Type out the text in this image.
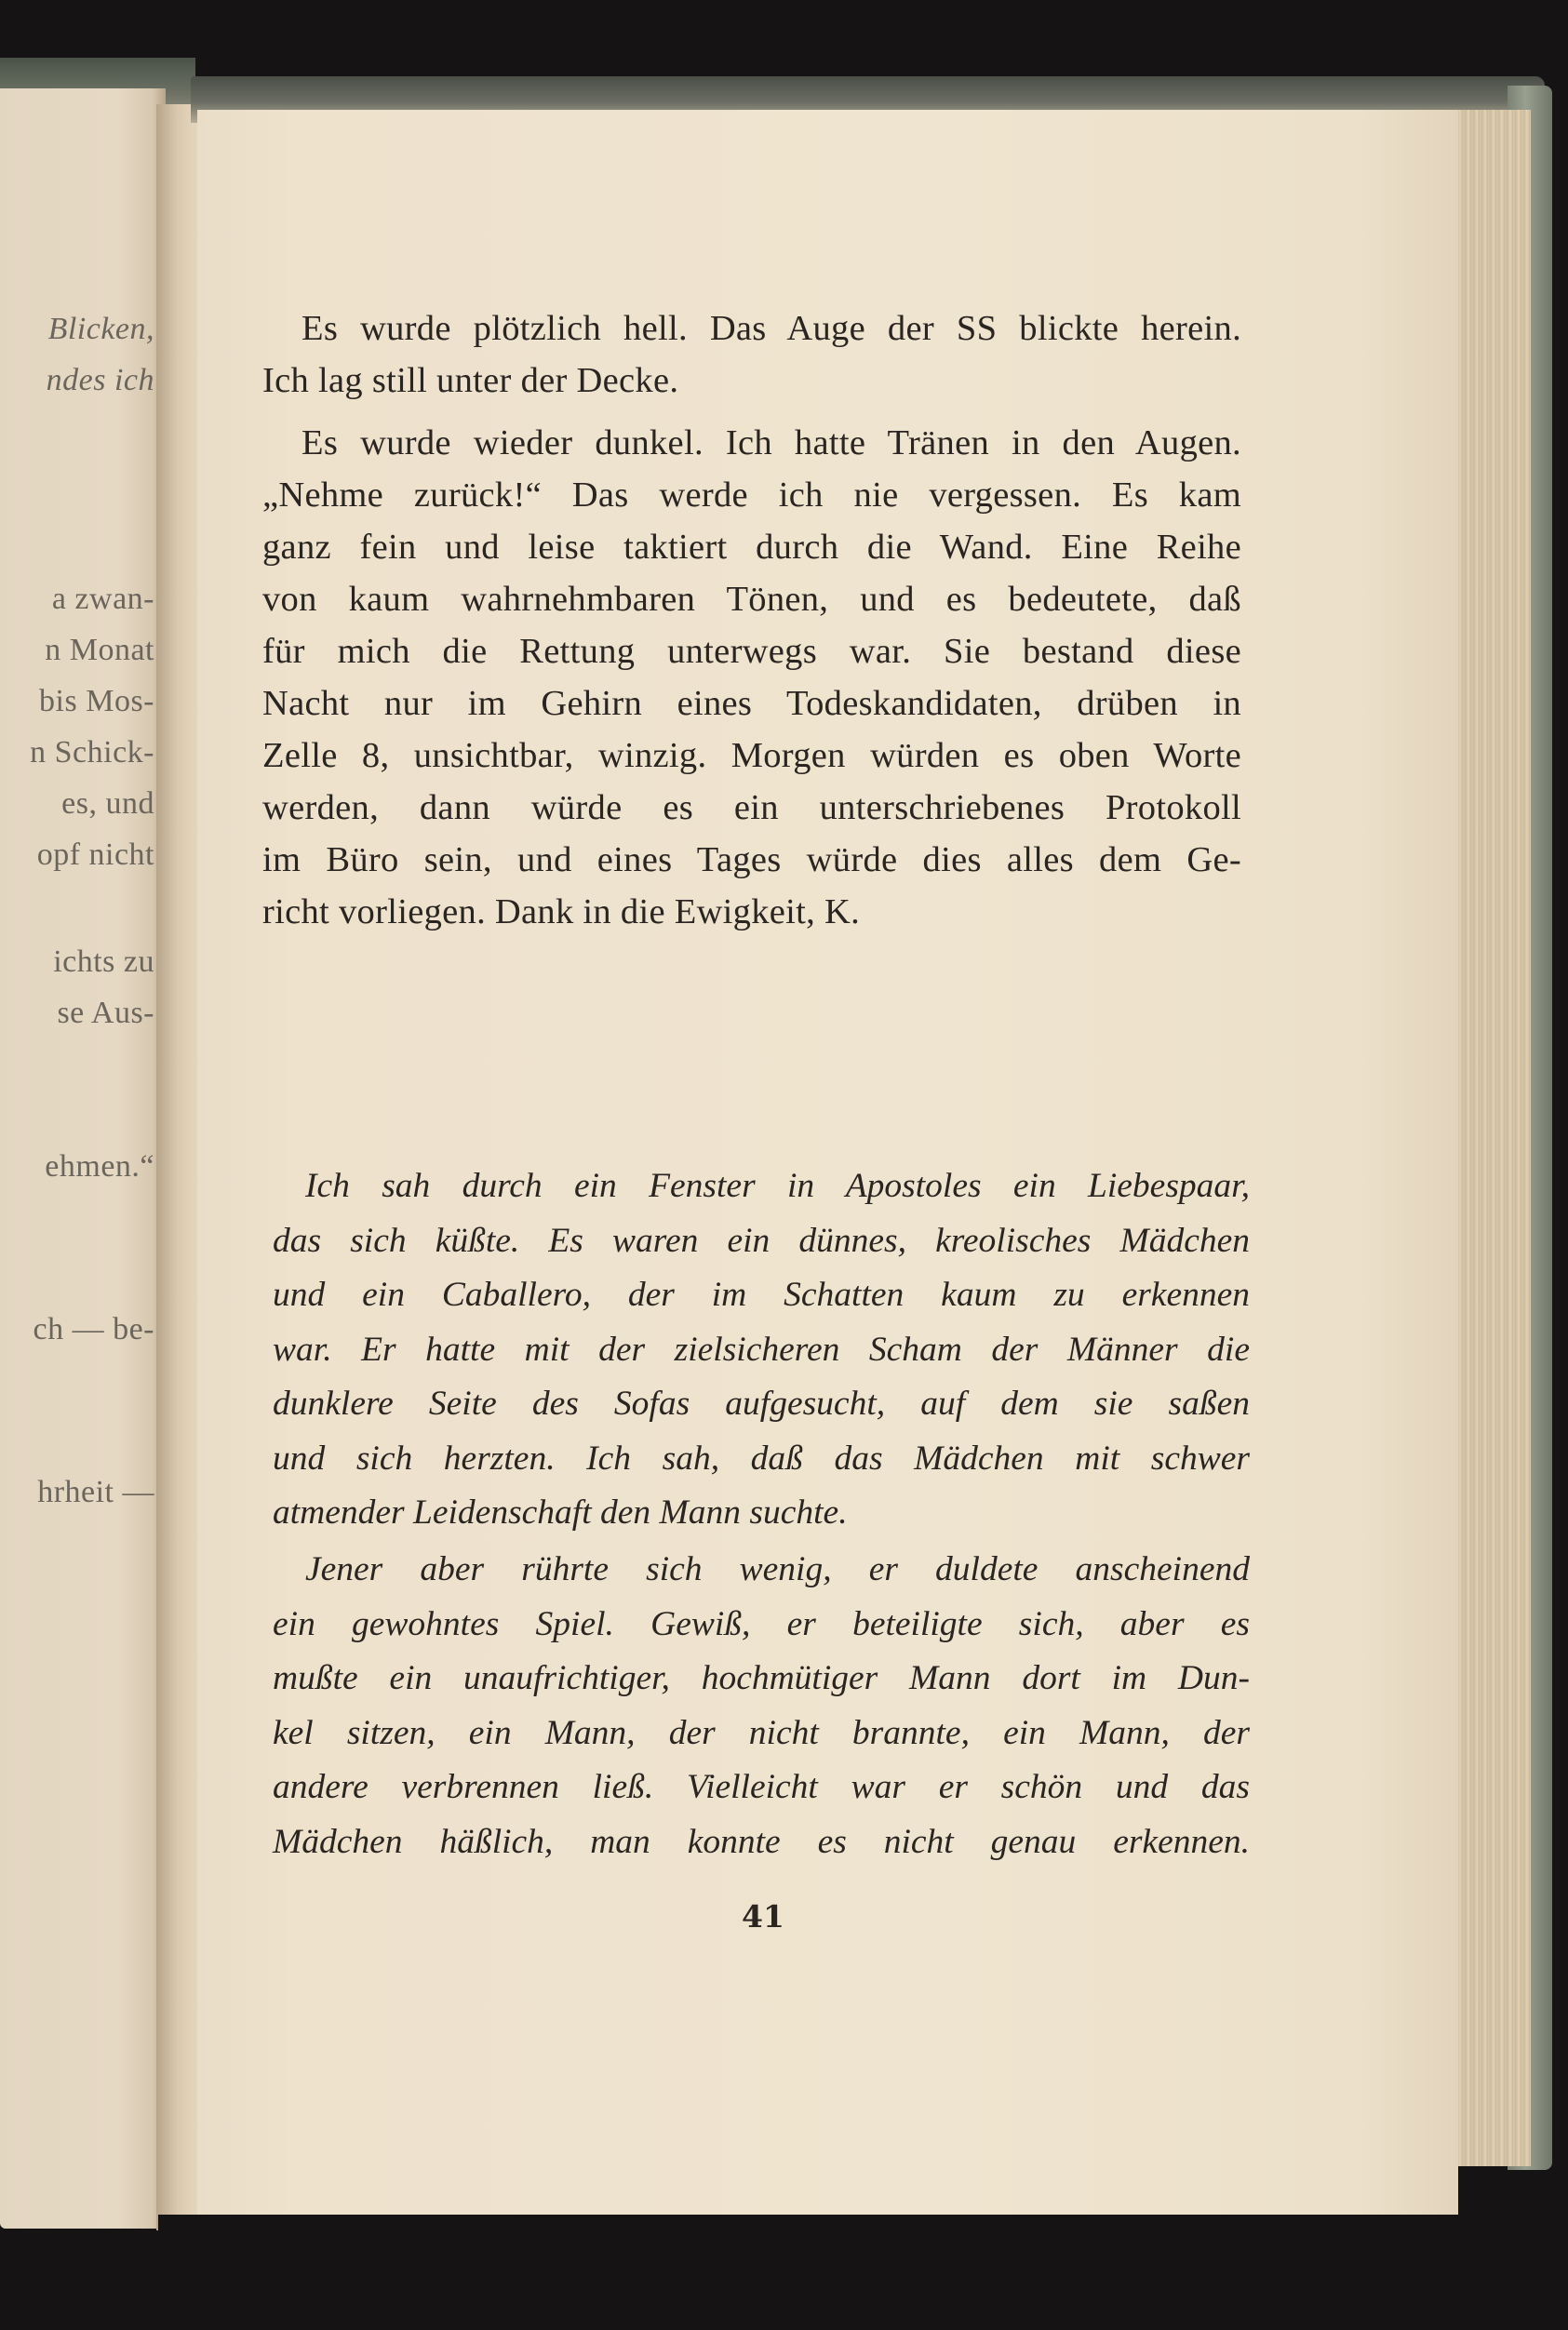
Blicken,

ndes ich

a zwan-

n Monat

bis Mos-

n Schick-

es, und

opf nicht

ichts zu

se Aus-

ehmen.“

ch — be-

hrheit —

Es wurde plötzlich hell. Das Auge der SS blickte herein.
Ich lag still unter der Decke.
Es wurde wieder dunkel. Ich hatte Tränen in den Augen.
„Nehme zurück!“ Das werde ich nie vergessen. Es kam
ganz fein und leise taktiert durch die Wand. Eine Reihe
von kaum wahrnehmbaren Tönen, und es bedeutete, daß
für mich die Rettung unterwegs war. Sie bestand diese
Nacht nur im Gehirn eines Todeskandidaten, drüben in
Zelle 8, unsichtbar, winzig. Morgen würden es oben Worte
werden, dann würde es ein unterschriebenes Protokoll
im Büro sein, und eines Tages würde dies alles dem Ge-
richt vorliegen. Dank in die Ewigkeit, K.
Ich sah durch ein Fenster in Apostoles ein Liebespaar,
das sich küßte. Es waren ein dünnes, kreolisches Mädchen
und ein Caballero, der im Schatten kaum zu erkennen
war. Er hatte mit der zielsicheren Scham der Männer die
dunklere Seite des Sofas aufgesucht, auf dem sie saßen
und sich herzten. Ich sah, daß das Mädchen mit schwer
atmender Leidenschaft den Mann suchte.
Jener aber rührte sich wenig, er duldete anscheinend
ein gewohntes Spiel. Gewiß, er beteiligte sich, aber es
mußte ein unaufrichtiger, hochmütiger Mann dort im Dun-
kel sitzen, ein Mann, der nicht brannte, ein Mann, der
andere verbrennen ließ. Vielleicht war er schön und das
Mädchen häßlich, man konnte es nicht genau erkennen.

41
